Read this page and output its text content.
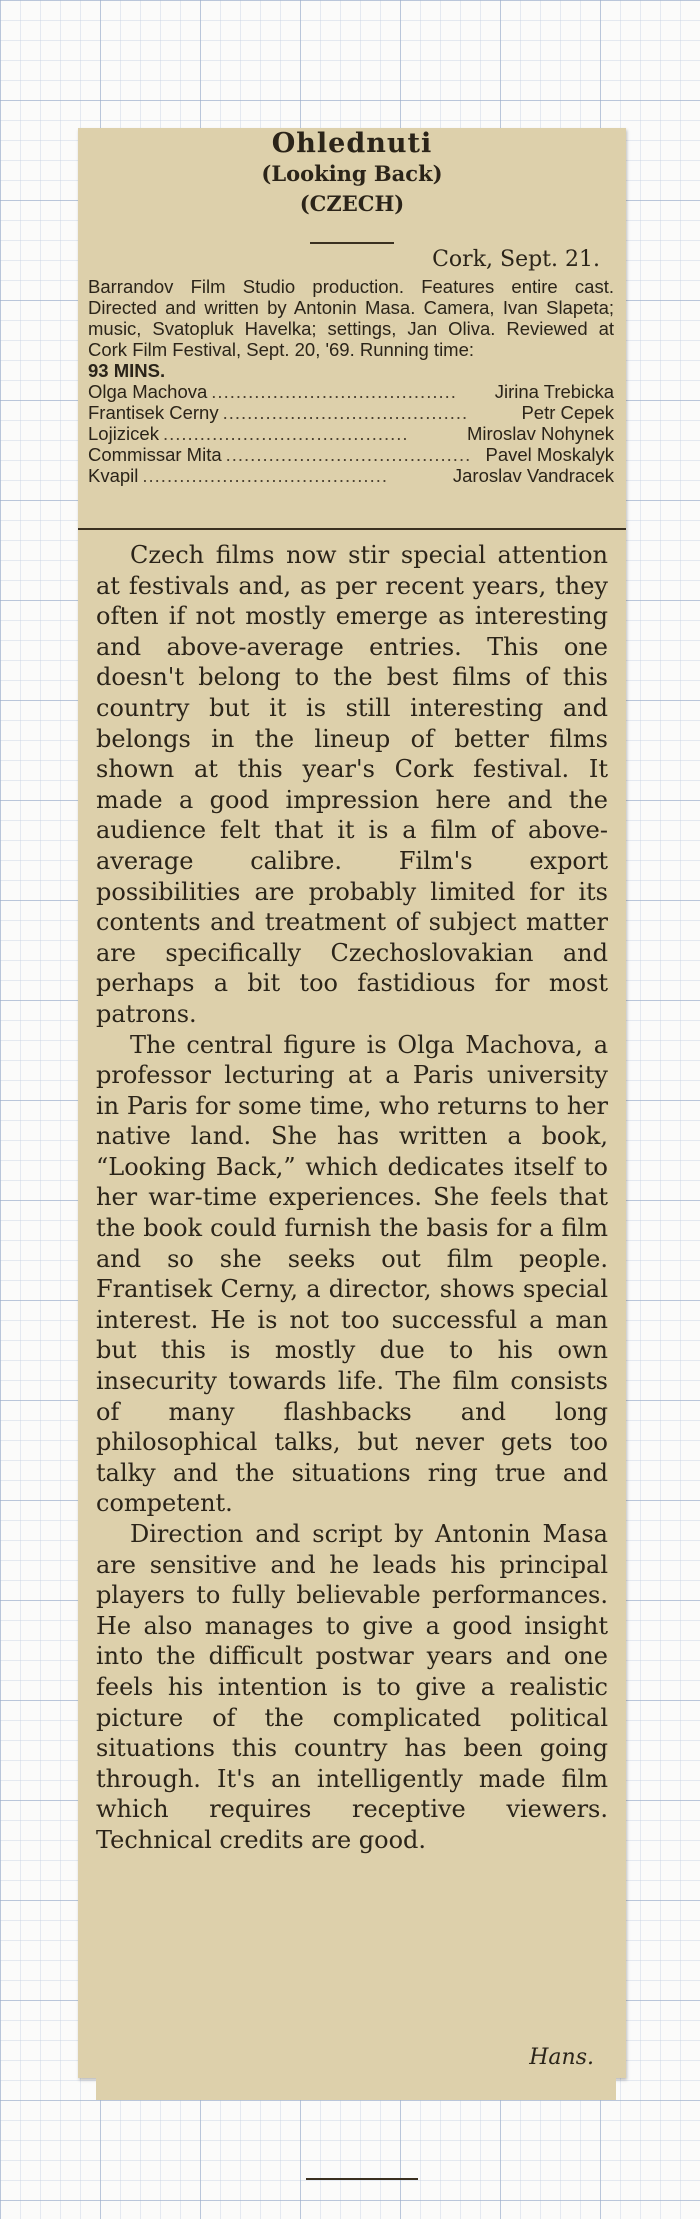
Ohlednuti
(Looking Back)
(CZECH)
Cork, Sept. 21.

Barrandov Film Studio production. Features entire cast. Directed and written by Antonin Masa. Camera, Ivan Slapeta; music, Svatopluk Havelka; settings, Jan Oliva. Reviewed at Cork Film Festival, Sept. 20, '69. Running time:
93 MINS.

Olga Machova ........................................	Jirina Trebicka
Frantisek Cerny ........................................	Petr Cepek
Lojizicek ........................................	Miroslav Nohynek
Commissar Mita ........................................ Pavel Moskalyk
Kvapil ........................................	Jaroslav Vandracek

Czech films now stir special attention at festivals and, as per recent years, they often if not mostly emerge as interesting and above-average entries. This one doesn't belong to the best films of this country but it is still interesting and belongs in the lineup of better films shown at this year's Cork festival. It made a good impression here and the audience felt that it is a film of above-average calibre. Film's export possibilities are probably limited for its contents and treatment of subject matter are specifically Czechoslovakian and perhaps a bit too fastidious for most patrons.

The central figure is Olga Machova, a professor lecturing at a Paris university in Paris for some time, who returns to her native land. She has written a book, “Looking Back,” which dedicates itself to her war-time experiences. She feels that the book could furnish the basis for a film and so she seeks out film people. Frantisek Cerny, a director, shows special interest. He is not too successful a man but this is mostly due to his own insecurity towards life. The film consists of many flashbacks and long philosophical talks, but never gets too talky and the situations ring true and competent.

Direction and script by Antonin Masa are sensitive and he leads his principal players to fully believable performances. He also manages to give a good insight into the difficult postwar years and one feels his intention is to give a realistic picture of the complicated political situations this country has been going through. It's an intelligently made film which requires receptive viewers. Technical credits are good.

Hans.
